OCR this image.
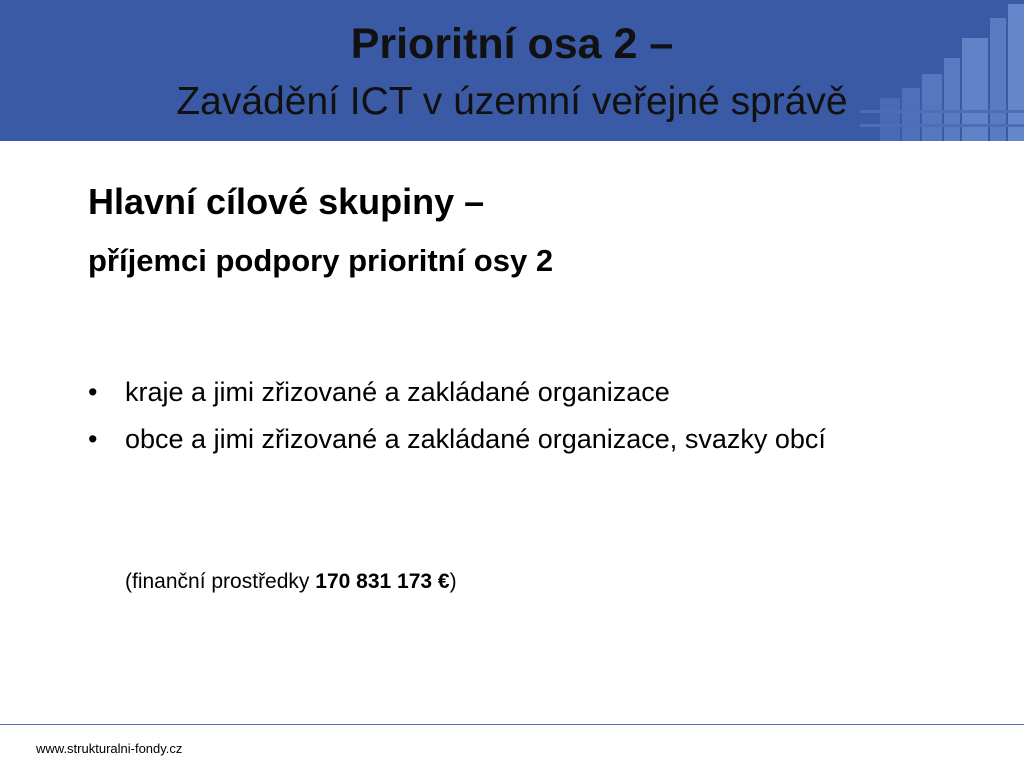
Prioritní osa 2 –
Zavádění ICT v územní veřejné správě
Hlavní cílové skupiny –
příjemci podpory prioritní osy 2
• kraje a jimi zřizované a zakládané organizace
• obce a jimi zřizované a zakládané organizace, svazky obcí
(finanční prostředky 170 831 173 €)
www.strukturalni-fondy.cz
